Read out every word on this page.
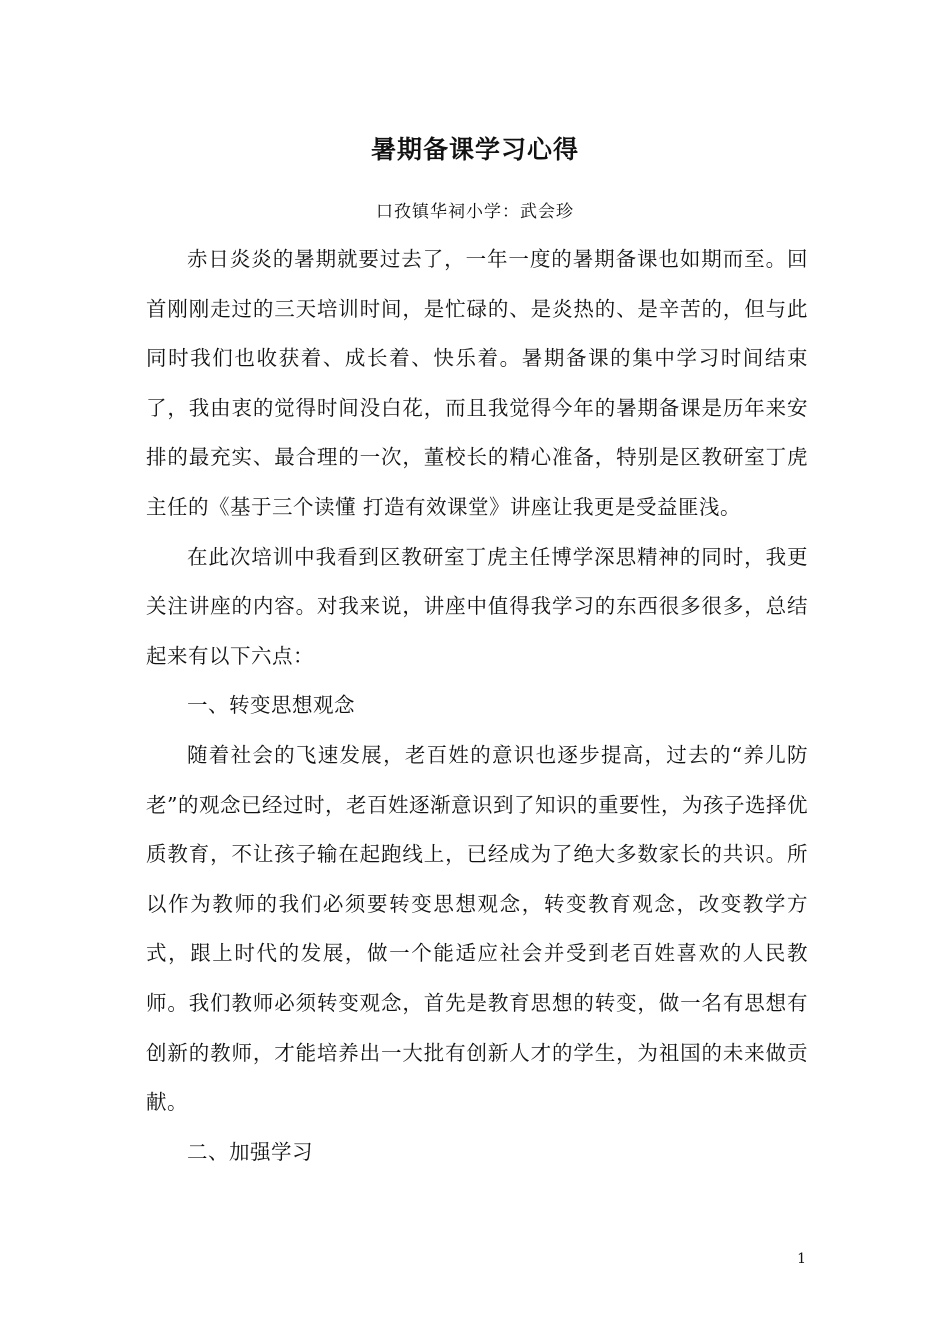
暑期备课学习心得
口孜镇华祠小学：武会珍

赤日炎炎的暑期就要过去了，一年一度的暑期备课也如期而至。回首刚刚走过的三天培训时间，是忙碌的、是炎热的、是辛苦的，但与此同时我们也收获着、成长着、快乐着。暑期备课的集中学习时间结束了，我由衷的觉得时间没白花，而且我觉得今年的暑期备课是历年来安排的最充实、最合理的一次，董校长的精心准备，特别是区教研室丁虎主任的《基于三个读懂 打造有效课堂》讲座让我更是受益匪浅。

在此次培训中我看到区教研室丁虎主任博学深思精神的同时，我更关注讲座的内容。对我来说，讲座中值得我学习的东西很多很多，总结起来有以下六点：

一、转变思想观念

随着社会的飞速发展，老百姓的意识也逐步提高，过去的“养儿防老”的观念已经过时，老百姓逐渐意识到了知识的重要性，为孩子选择优质教育，不让孩子输在起跑线上，已经成为了绝大多数家长的共识。所以作为教师的我们必须要转变思想观念，转变教育观念，改变教学方式，跟上时代的发展，做一个能适应社会并受到老百姓喜欢的人民教师。我们教师必须转变观念，首先是教育思想的转变，做一名有思想有创新的教师，才能培养出一大批有创新人才的学生，为祖国的未来做贡献。

二、加强学习

1
